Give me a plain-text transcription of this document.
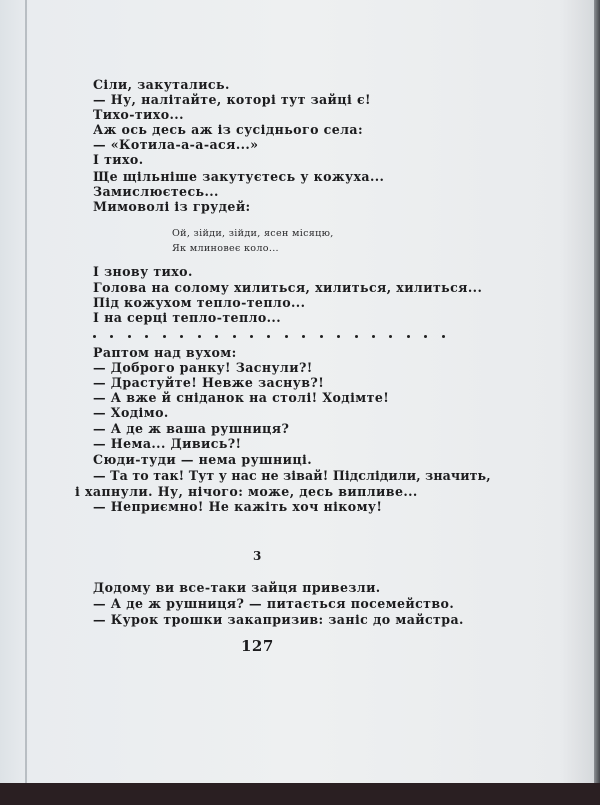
Сіли, закутались.
— Ну, налітайте, которі тут зайці є!
Тихо-тихо...
Аж ось десь аж із сусіднього села:
— «Котила-а-а-ася...»
І тихо.
Ще щільніше закутуєтесь у кожуха...
Замислюєтесь...
Мимоволі із грудей:
Ой, зійди, зійди, ясен місяцю,
Як млиновеє коло...
І знову тихо.
Голова на солому хилиться, хилиться, хилиться...
Під кожухом тепло-тепло...
І на серці тепло-тепло...
Раптом над вухом:
— Доброго ранку! Заснули?!
— Драстуйте! Невже заснув?!
— А вже й сніданок на столі! Ходімте!
— Ходімо.
— А де ж ваша рушниця?
— Нема... Дивись?!
Сюди-туди — нема рушниці.
— Та то так! Тут у нас не зівай! Підслідили, значить,
і хапнули. Ну, нічого: може, десь випливе...
— Неприємно! Не кажіть хоч нікому!
3
Додому ви все-таки зайця привезли.
— А де ж рушниця? — питається посемейство.
— Курок трошки закапризив: заніс до майстра.
127
